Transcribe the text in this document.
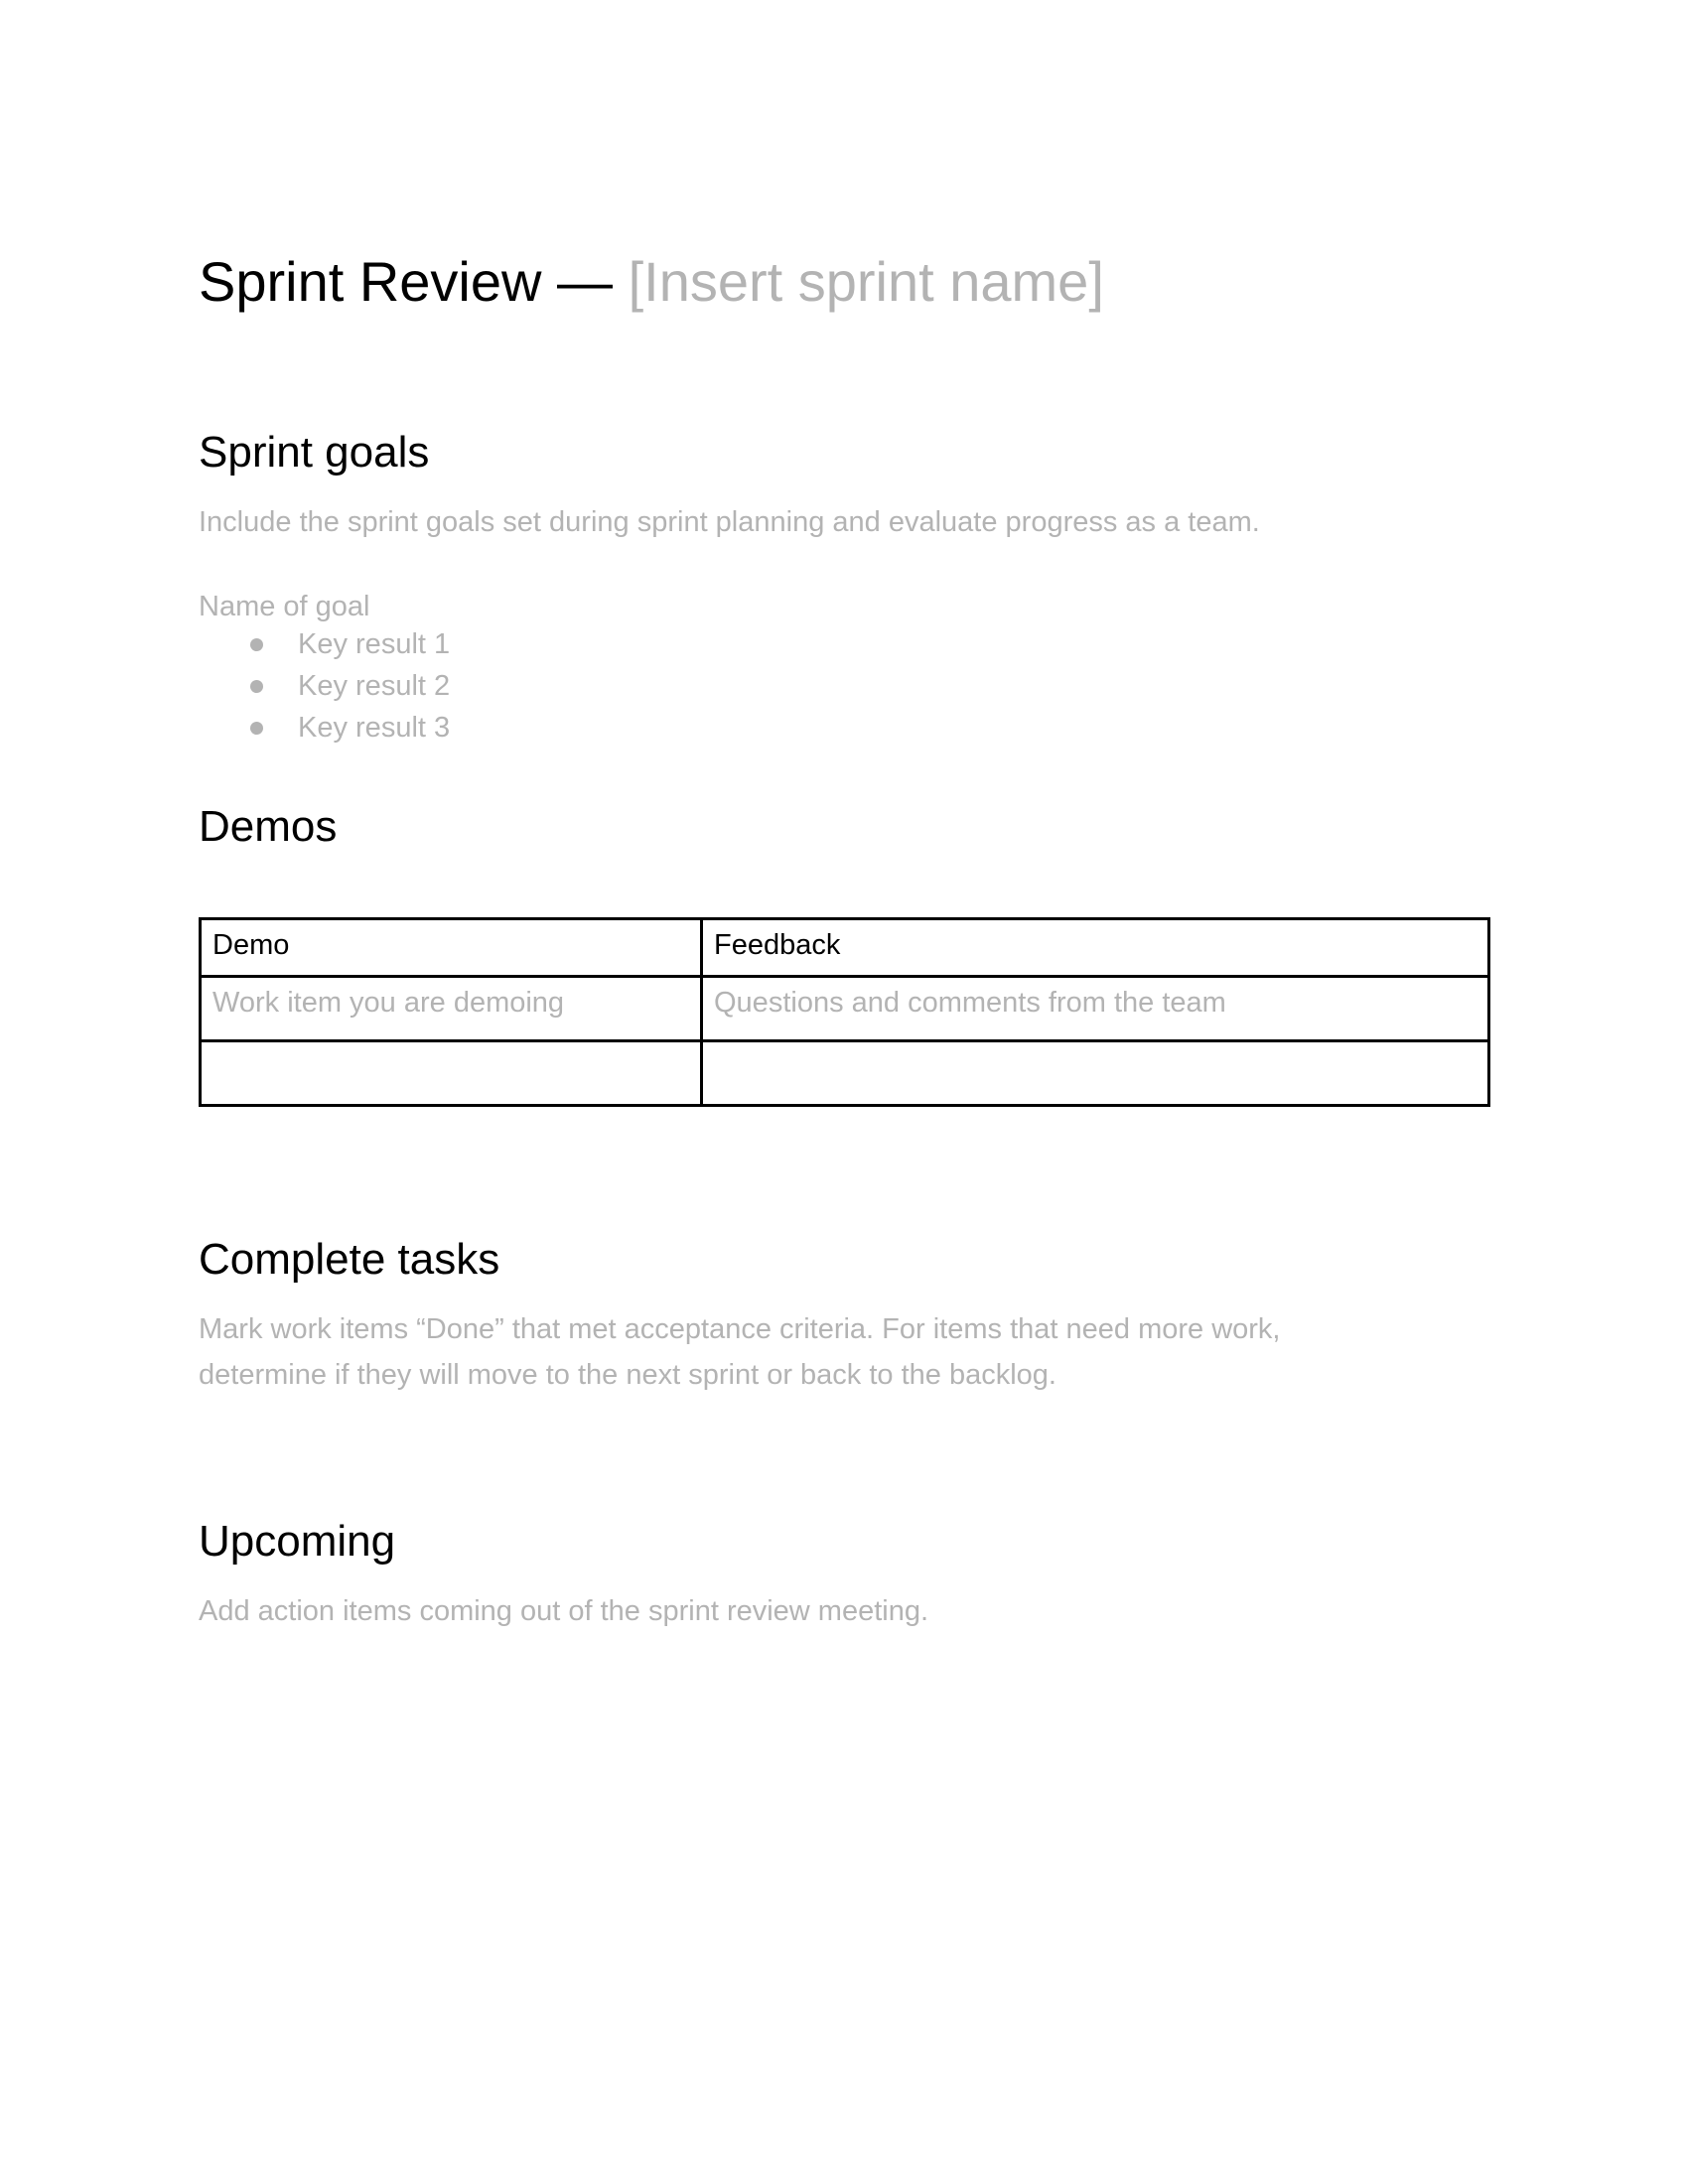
Sprint Review — [Insert sprint name]
Sprint goals

Include the sprint goals set during sprint planning and evaluate progress as a team.

Name of goal

Key result 1
Key result 2
Key result 3
Demos
Demo	Feedback
Work item you are demoing	Questions and comments from the team

Complete tasks

Mark work items “Done” that met acceptance criteria. For items that need more work,

determine if they will move to the next sprint or back to the backlog.

Upcoming

Add action items coming out of the sprint review meeting.
